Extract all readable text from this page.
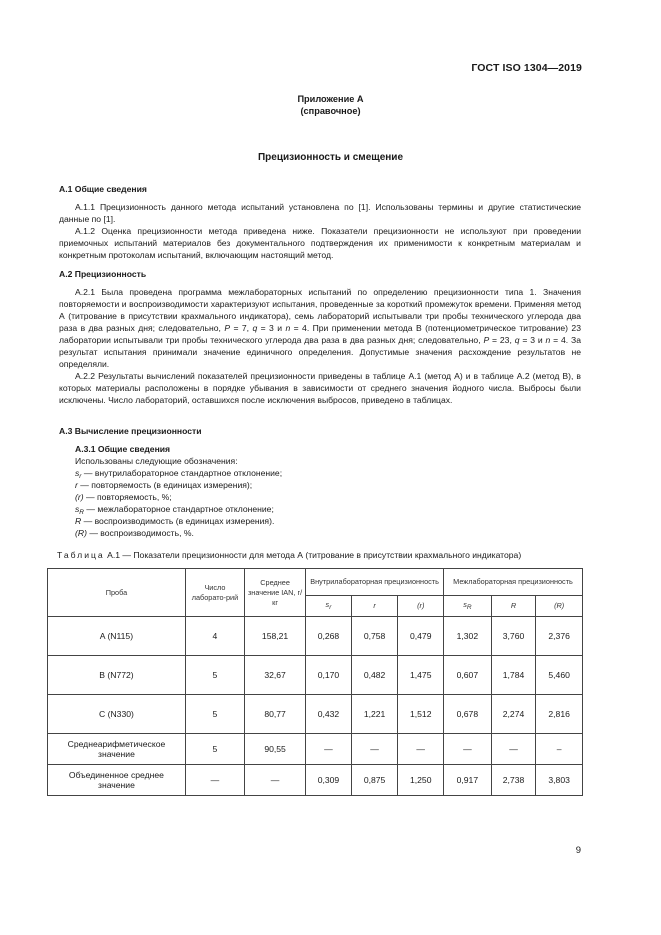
ГОСТ ISO 1304—2019
Приложение А
(справочное)
Прецизионность и смещение
А.1 Общие сведения
А.1.1 Прецизионность данного метода испытаний установлена по [1]. Использованы термины и другие статистические данные по [1].
А.1.2 Оценка прецизионности метода приведена ниже. Показатели прецизионности не используют при проведении приемочных испытаний материалов без документального подтверждения их применимости к конкретным материалам и конкретным протоколам испытаний, включающим настоящий метод.
А.2 Прецизионность
А.2.1 Была проведена программа межлабораторных испытаний по определению прецизионности типа 1. Значения повторяемости и воспроизводимости характеризуют испытания, проведенные за короткий промежуток времени. Применяя метод А (титрование в присутствии крахмального индикатора), семь лабораторий испытывали три пробы технического углерода два раза в два разных дня; следовательно, P = 7, q = 3 и n = 4. При применении метода В (потенциометрическое титрование) 23 лаборатории испытывали три пробы технического углерода два раза в два разных дня; следовательно, P = 23, q = 3 и n = 4. За результат испытания принимали значение единичного определения. Допустимые значения расхождение результатов не определяли.
А.2.2 Результаты вычислений показателей прецизионности приведены в таблице А.1 (метод А) и в таблице А.2 (метод В), в которых материалы расположены в порядке убывания в зависимости от среднего значения йодного числа. Выбросы были исключены. Число лабораторий, оставшихся после исключения выбросов, приведено в таблицах.
А.3 Вычисление прецизионности
А.3.1 Общие сведения
Использованы следующие обозначения:
$s_r$ — внутрилабораторное стандартное отклонение;
r — повторяемость (в единицах измерения);
(r) — повторяемость, %;
$s_R$ — межлабораторное стандартное отклонение;
R — воспроизводимость (в единицах измерения).
(R) — воспроизводимость, %.
Таблица А.1 — Показатели прецизионности для метода А (титрование в присутствии крахмального индикатора)
Проба	Число лаборато-рий	Среднее значение IAN, г/кг	Внутрилабораторная прецизионность			Межлабораторная прецизионность		
			$s_r$	r	(r)	$s_R$	R	(R)
A (N115)	4	158,21	0,268	0,758	0,479	1,302	3,760	2,376
B (N772)	5	32,67	0,170	0,482	1,475	0,607	1,784	5,460
C (N330)	5	80,77	0,432	1,221	1,512	0,678	2,274	2,816
Среднеарифметическое значение	5	90,55	—	—	—	—	—	–
Объединенное среднее значение	—	—	0,309	0,875	1,250	0,917	2,738	3,803
9
